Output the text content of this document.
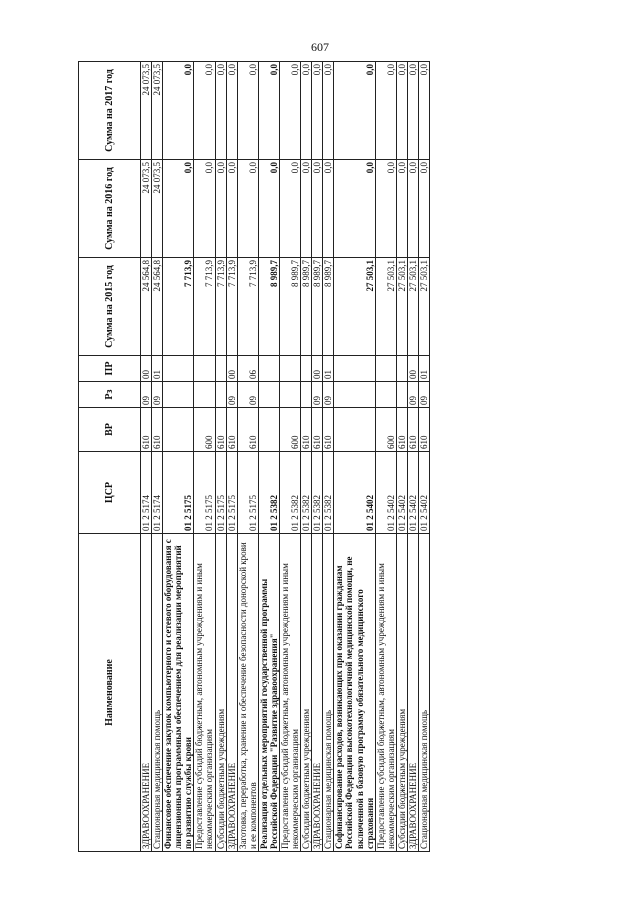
607
Наименование	ЦСР	ВР	Рз	ПР	Сумма на 2015 год	Сумма на 2016 год	Сумма на 2017 год
ЗДРАВООХРАНЕНИЕ	01 2 5174	610	09	00	24 564,8	24 073,5	24 073,5
Стационарная медицинская помощь	01 2 5174	610	09	01	24 564,8	24 073,5	24 073,5
Финансовое обеспечение закупок компьютерного и сетевого оборудования с лицензионным программным обеспечением для реализации мероприятий по развитию службы крови	01 2 5175				7 713,9	0,0	0,0
Предоставление субсидий бюджетным, автономным учреждениям и иным некоммерческим организациям	01 2 5175	600			7 713,9	0,0	0,0
Субсидии бюджетным учреждениям	01 2 5175	610			7 713,9	0,0	0,0
ЗДРАВООХРАНЕНИЕ	01 2 5175	610	09	00	7 713,9	0,0	0,0
Заготовка, переработка, хранение и обеспечение безопасности донорской крови и ее компонентов	01 2 5175	610	09	06	7 713,9	0,0	0,0
Реализация отдельных мероприятий государственной программы Российской Федерации "Развитие здравоохранения"	01 2 5382				8 989,7	0,0	0,0
Предоставление субсидий бюджетным, автономным учреждениям и иным некоммерческим организациям	01 2 5382	600			8 989,7	0,0	0,0
Субсидии бюджетным учреждениям	01 2 5382	610			8 989,7	0,0	0,0
ЗДРАВООХРАНЕНИЕ	01 2 5382	610	09	00	8 989,7	0,0	0,0
Стационарная медицинская помощь	01 2 5382	610	09	01	8 989,7	0,0	0,0
Софинансирование расходов, возникающих при оказании гражданам Российской Федерации высокотехнологичной медицинской помощи, не включенной в базовую программу обязательного медицинского страхования	01 2 5402				27 503,1	0,0	0,0
Предоставление субсидий бюджетным, автономным учреждениям и иным некоммерческим организациям	01 2 5402	600			27 503,1	0,0	0,0
Субсидии бюджетным учреждениям	01 2 5402	610			27 503,1	0,0	0,0
ЗДРАВООХРАНЕНИЕ	01 2 5402	610	09	00	27 503,1	0,0	0,0
Стационарная медицинская помощь	01 2 5402	610	09	01	27 503,1	0,0	0,0
